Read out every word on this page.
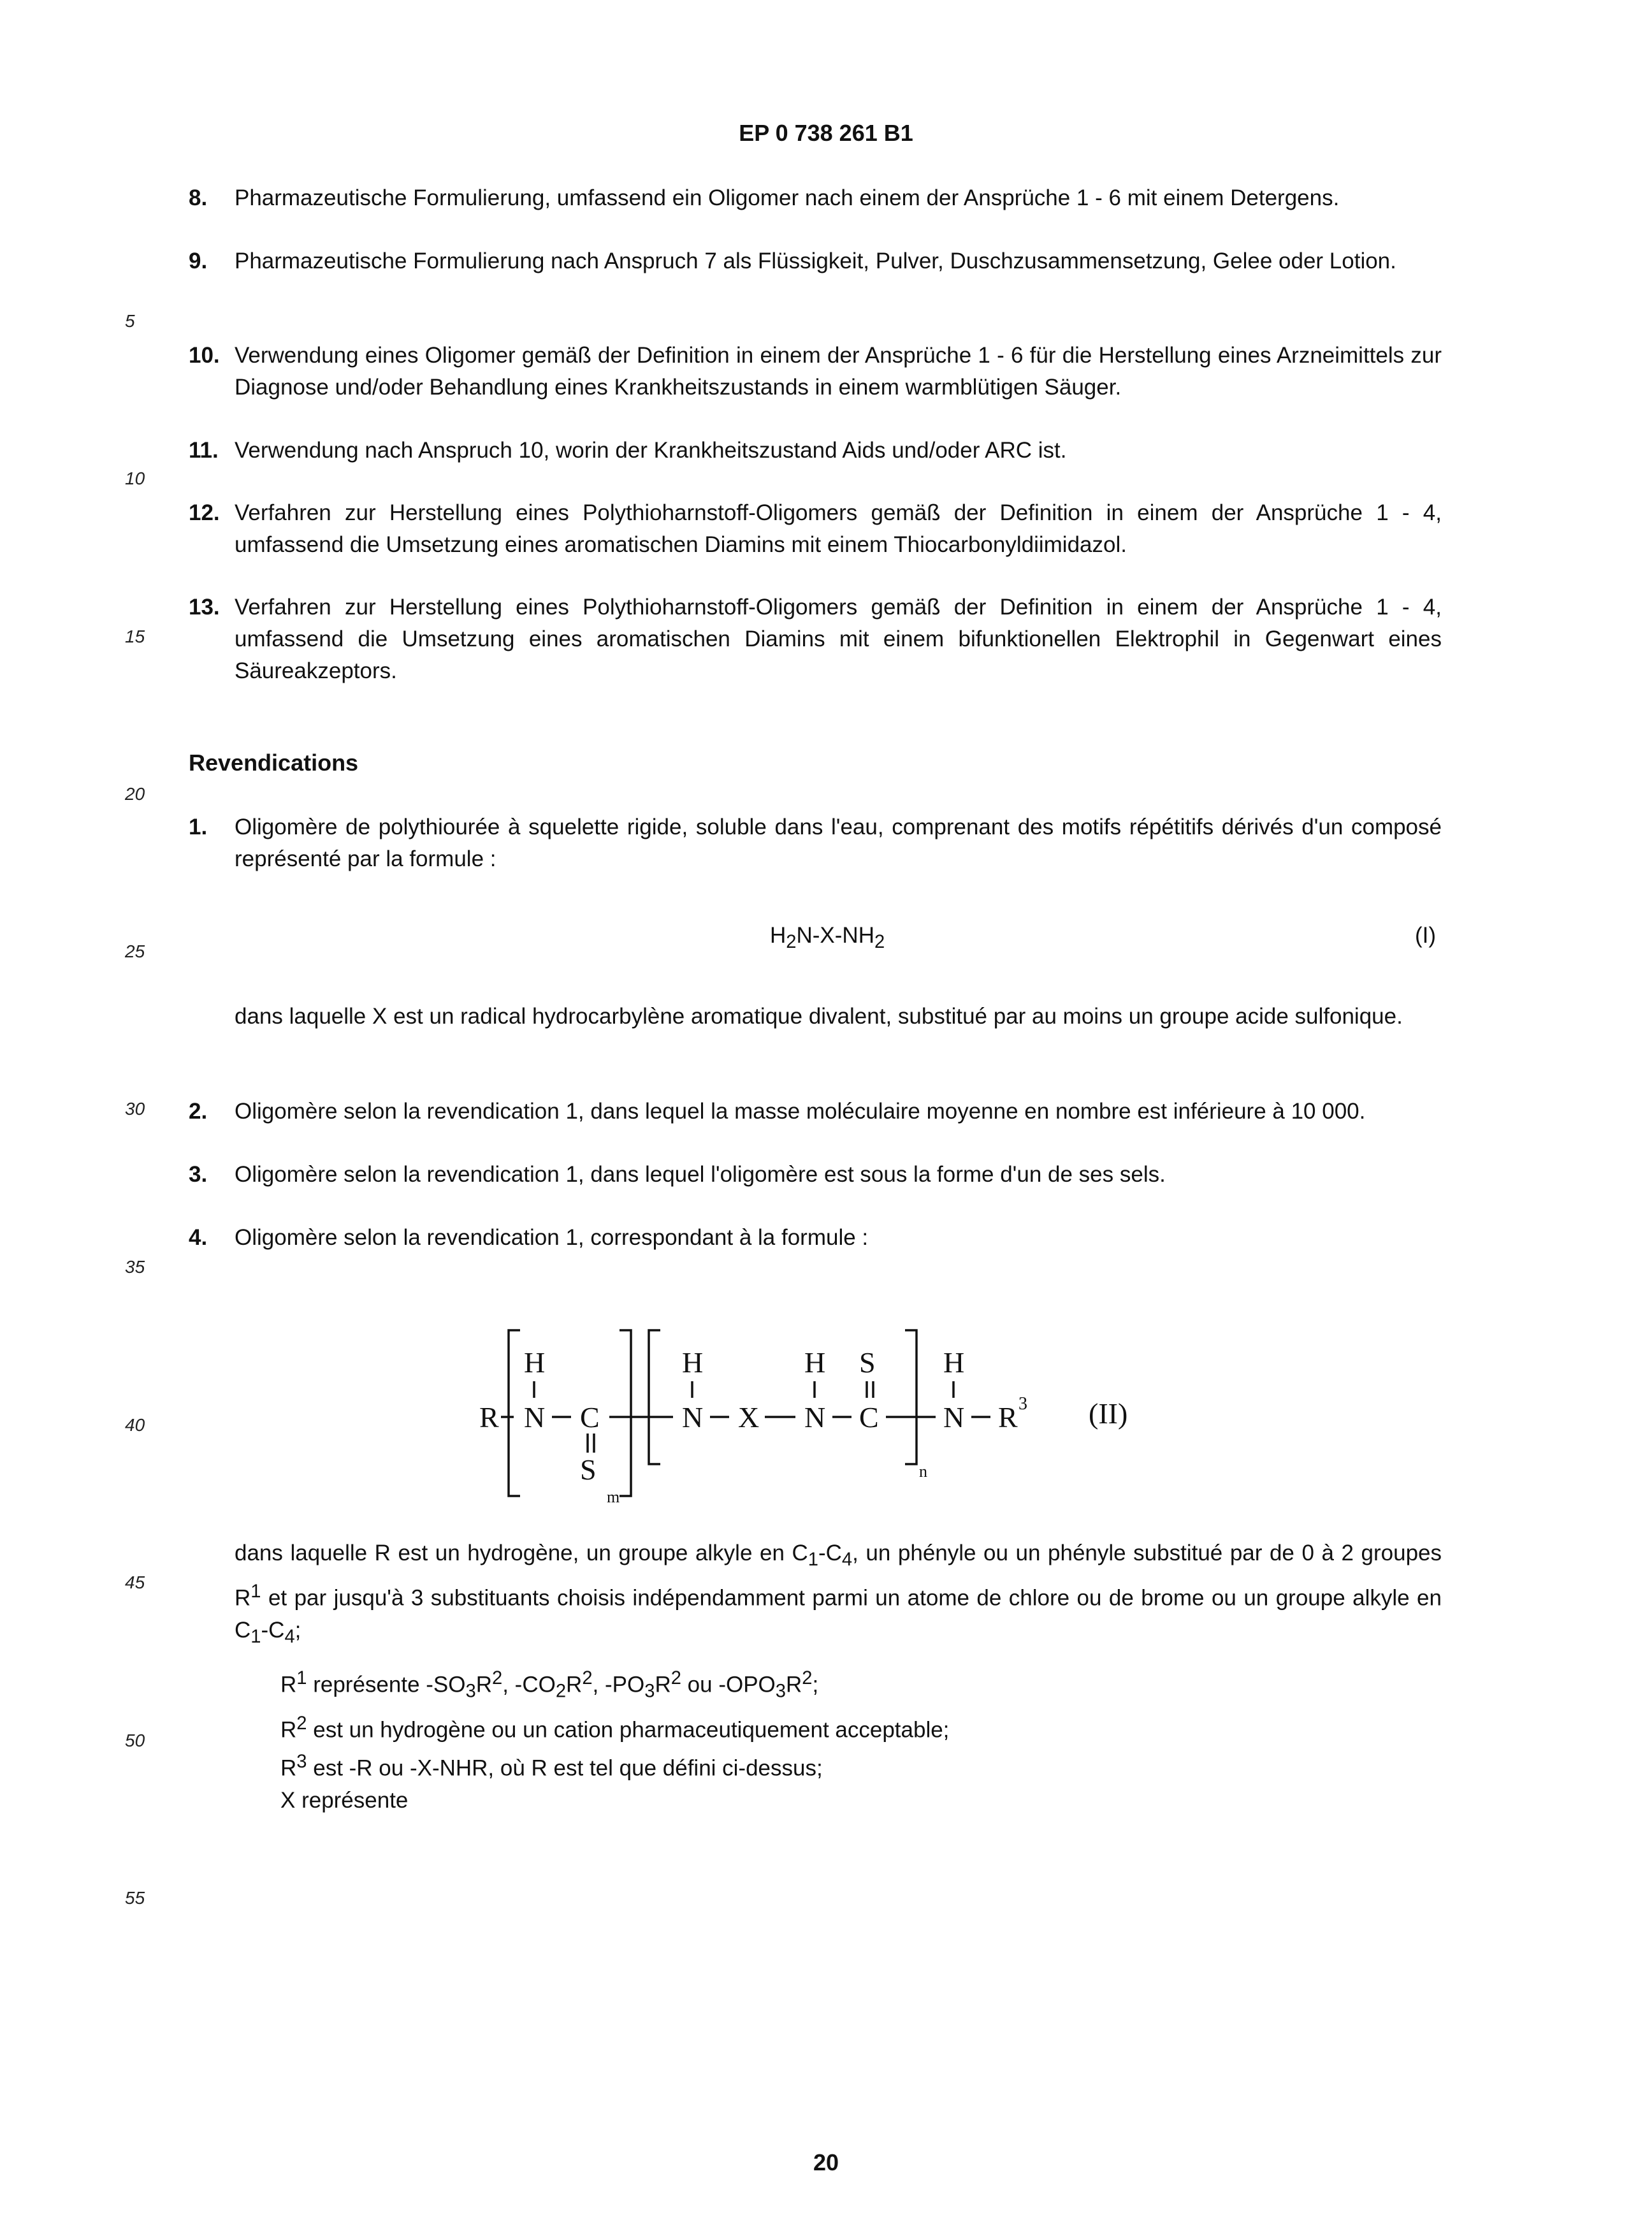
EP 0 738 261 B1
5
10
15
20
25
30
35
40
45
50
55
8. Pharmazeutische Formulierung, umfassend ein Oligomer nach einem der Ansprüche 1 - 6 mit einem Detergens.
9. Pharmazeutische Formulierung nach Anspruch 7 als Flüssigkeit, Pulver, Duschzusammensetzung, Gelee oder Lotion.
10. Verwendung eines Oligomer gemäß der Definition in einem der Ansprüche 1 - 6 für die Herstellung eines Arzneimittels zur Diagnose und/oder Behandlung eines Krankheitszustands in einem warmblütigen Säuger.
11. Verwendung nach Anspruch 10, worin der Krankheitszustand Aids und/oder ARC ist.
12. Verfahren zur Herstellung eines Polythioharnstoff-Oligomers gemäß der Definition in einem der Ansprüche 1 - 4, umfassend die Umsetzung eines aromatischen Diamins mit einem Thiocarbonyldiimidazol.
13. Verfahren zur Herstellung eines Polythioharnstoff-Oligomers gemäß der Definition in einem der Ansprüche 1 - 4, umfassend die Umsetzung eines aromatischen Diamins mit einem bifunktionellen Elektrophil in Gegenwart eines Säureakzeptors.
Revendications
1. Oligomère de polythiourée à squelette rigide, soluble dans l'eau, comprenant des motifs répétitifs dérivés d'un composé représenté par la formule :
$H_2N-X-NH_2$	(I)
dans laquelle X est un radical hydrocarbylène aromatique divalent, substitué par au moins un groupe acide sulfonique.
2. Oligomère selon la revendication 1, dans lequel la masse moléculaire moyenne en nombre est inférieure à 10 000.
3. Oligomère selon la revendication 1, dans lequel l'oligomère est sous la forme d'un de ses sels.
4. Oligomère selon la revendication 1, correspondant à la formule :
R N
H
C
S
m
N
H
X N
H
C
S
n
N
H
R 3 (II)
dans laquelle R est un hydrogène, un groupe alkyle en $C_1-C_4$, un phényle ou un phényle substitué par de 0 à 2 groupes $R^1$ et par jusqu'à 3 substituants choisis indépendamment parmi un atome de chlore ou de brome ou un groupe alkyle en $C_1-C_4$;
$R^1$ représente $-SO_3R^2$, $-CO_2R^2$, $-PO_3R^2$ ou $-OPO_3R^2$;
$R^2$ est un hydrogène ou un cation pharmaceutiquement acceptable;
$R^3$ est -R ou -X-NHR, où R est tel que défini ci-dessus;
X représente
20
